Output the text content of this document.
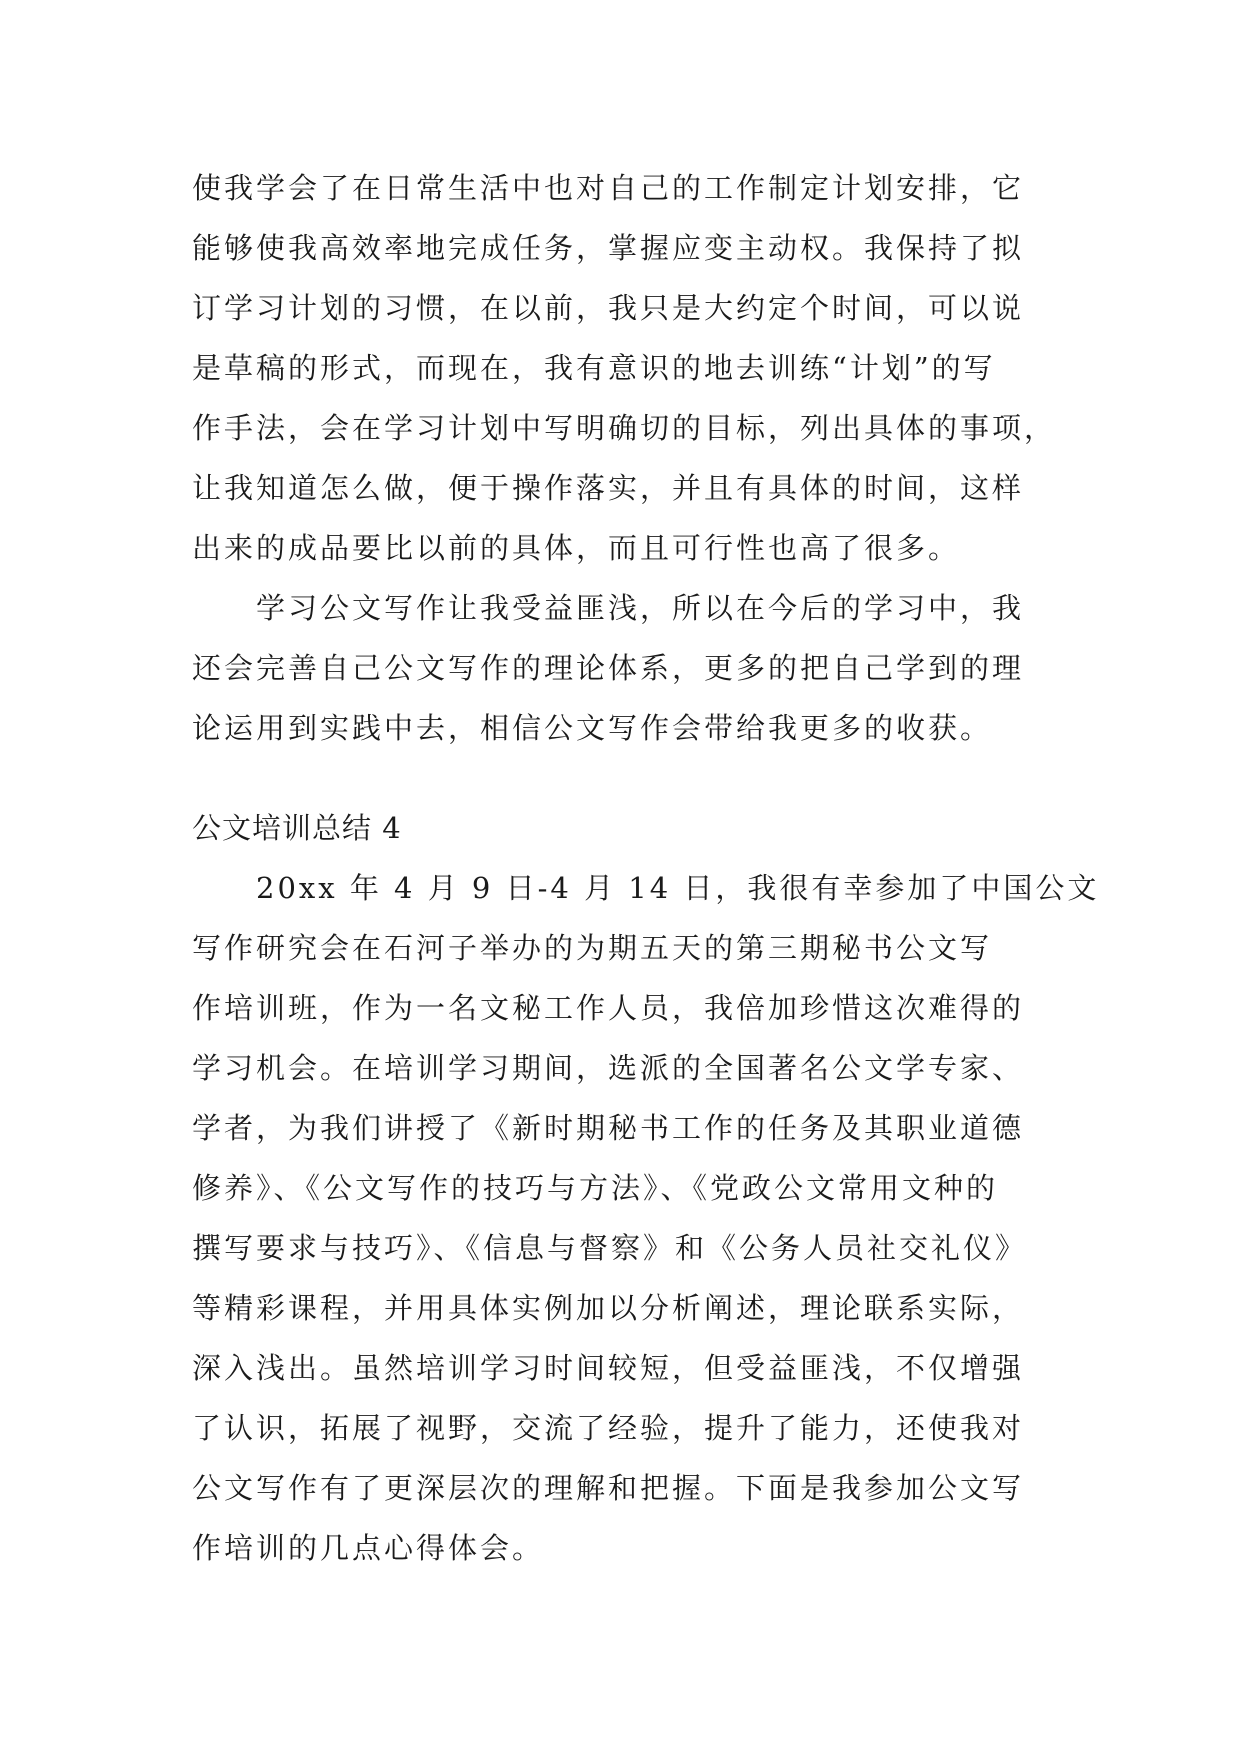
使我学会了在日常生活中也对自己的工作制定计划安排，它
能够使我高效率地完成任务，掌握应变主动权。我保持了拟
订学习计划的习惯，在以前，我只是大约定个时间，可以说
是草稿的形式，而现在，我有意识的地去训练“计划”的写
作手法，会在学习计划中写明确切的目标，列出具体的事项，
让我知道怎么做，便于操作落实，并且有具体的时间，这样
出来的成品要比以前的具体，而且可行性也高了很多。
学习公文写作让我受益匪浅，所以在今后的学习中，我
还会完善自己公文写作的理论体系，更多的把自己学到的理
论运用到实践中去，相信公文写作会带给我更多的收获。
公文培训总结 4
20xx 年 4 月 9 日-4 月 14 日，我很有幸参加了中国公文
写作研究会在石河子举办的为期五天的第三期秘书公文写
作培训班，作为一名文秘工作人员，我倍加珍惜这次难得的
学习机会。在培训学习期间，选派的全国著名公文学专家、
学者，为我们讲授了《新时期秘书工作的任务及其职业道德
修养》、《公文写作的技巧与方法》、《党政公文常用文种的
撰写要求与技巧》、《信息与督察》和《公务人员社交礼仪》
等精彩课程，并用具体实例加以分析阐述，理论联系实际，
深入浅出。虽然培训学习时间较短，但受益匪浅，不仅增强
了认识，拓展了视野，交流了经验，提升了能力，还使我对
公文写作有了更深层次的理解和把握。下面是我参加公文写
作培训的几点心得体会。
